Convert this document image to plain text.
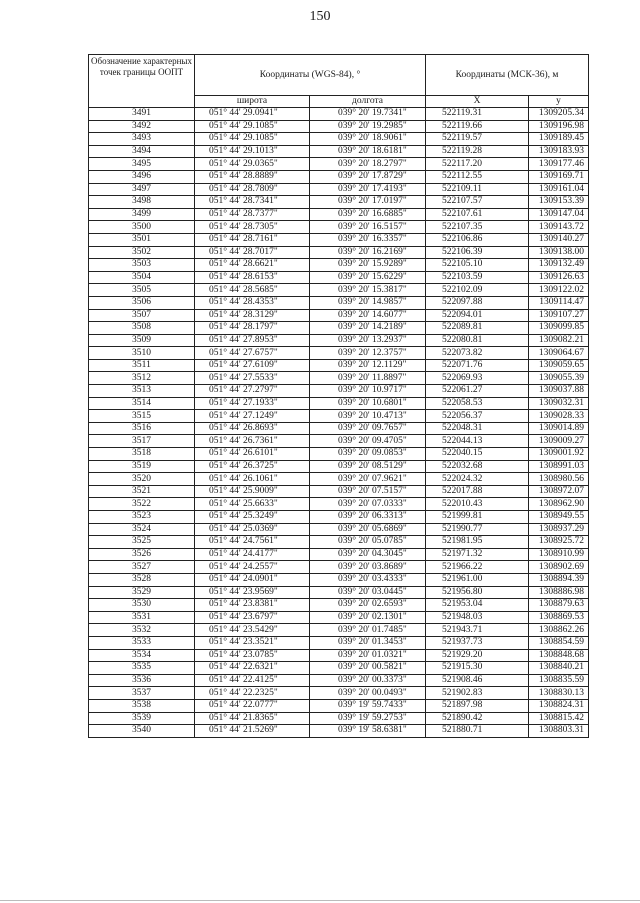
150
Обозначение характерных точек границы ООПТ	Координаты (WGS-84), °		Координаты (МСК-36), м	
	широта	долгота	X	у
3491	051° 44' 29.0941"	039° 20' 19.7341"	522119.31	1309205.34
3492	051° 44' 29.1085"	039° 20' 19.2985"	522119.66	1309196.98
3493	051° 44' 29.1085"	039° 20' 18.9061"	522119.57	1309189.45
3494	051° 44' 29.1013"	039° 20' 18.6181"	522119.28	1309183.93
3495	051° 44' 29.0365"	039° 20' 18.2797"	522117.20	1309177.46
3496	051° 44' 28.8889"	039° 20' 17.8729"	522112.55	1309169.71
3497	051° 44' 28.7809"	039° 20' 17.4193"	522109.11	1309161.04
3498	051° 44' 28.7341"	039° 20' 17.0197"	522107.57	1309153.39
3499	051° 44' 28.7377"	039° 20' 16.6885"	522107.61	1309147.04
3500	051° 44' 28.7305"	039° 20' 16.5157"	522107.35	1309143.72
3501	051° 44' 28.7161"	039° 20' 16.3357"	522106.86	1309140.27
3502	051° 44' 28.7017"	039° 20' 16.2169"	522106.39	1309138.00
3503	051° 44' 28.6621"	039° 20' 15.9289"	522105.10	1309132.49
3504	051° 44' 28.6153"	039° 20' 15.6229"	522103.59	1309126.63
3505	051° 44' 28.5685"	039° 20' 15.3817"	522102.09	1309122.02
3506	051° 44' 28.4353"	039° 20' 14.9857"	522097.88	1309114.47
3507	051° 44' 28.3129"	039° 20' 14.6077"	522094.01	1309107.27
3508	051° 44' 28.1797"	039° 20' 14.2189"	522089.81	1309099.85
3509	051° 44' 27.8953"	039° 20' 13.2937"	522080.81	1309082.21
3510	051° 44' 27.6757"	039° 20' 12.3757"	522073.82	1309064.67
3511	051° 44' 27.6109"	039° 20' 12.1129"	522071.76	1309059.65
3512	051° 44' 27.5533"	039° 20' 11.8897"	522069.93	1309055.39
3513	051° 44' 27.2797"	039° 20' 10.9717"	522061.27	1309037.88
3514	051° 44' 27.1933"	039° 20' 10.6801"	522058.53	1309032.31
3515	051° 44' 27.1249"	039° 20' 10.4713"	522056.37	1309028.33
3516	051° 44' 26.8693"	039° 20' 09.7657"	522048.31	1309014.89
3517	051° 44' 26.7361"	039° 20' 09.4705"	522044.13	1309009.27
3518	051° 44' 26.6101"	039° 20' 09.0853"	522040.15	1309001.92
3519	051° 44' 26.3725"	039° 20' 08.5129"	522032.68	1308991.03
3520	051° 44' 26.1061"	039° 20' 07.9621"	522024.32	1308980.56
3521	051° 44' 25.9009"	039° 20' 07.5157"	522017.88	1308972.07
3522	051° 44' 25.6633"	039° 20' 07.0333"	522010.43	1308962.90
3523	051° 44' 25.3249"	039° 20' 06.3313"	521999.81	1308949.55
3524	051° 44' 25.0369"	039° 20' 05.6869"	521990.77	1308937.29
3525	051° 44' 24.7561"	039° 20' 05.0785"	521981.95	1308925.72
3526	051° 44' 24.4177"	039° 20' 04.3045"	521971.32	1308910.99
3527	051° 44' 24.2557"	039° 20' 03.8689"	521966.22	1308902.69
3528	051° 44' 24.0901"	039° 20' 03.4333"	521961.00	1308894.39
3529	051° 44' 23.9569"	039° 20' 03.0445"	521956.80	1308886.98
3530	051° 44' 23.8381"	039° 20' 02.6593"	521953.04	1308879.63
3531	051° 44' 23.6797"	039° 20' 02.1301"	521948.03	1308869.53
3532	051° 44' 23.5429"	039° 20' 01.7485"	521943.71	1308862.26
3533	051° 44' 23.3521"	039° 20' 01.3453"	521937.73	1308854.59
3534	051° 44' 23.0785"	039° 20' 01.0321"	521929.20	1308848.68
3535	051° 44' 22.6321"	039° 20' 00.5821"	521915.30	1308840.21
3536	051° 44' 22.4125"	039° 20' 00.3373"	521908.46	1308835.59
3537	051° 44' 22.2325"	039° 20' 00.0493"	521902.83	1308830.13
3538	051° 44' 22.0777"	039° 19' 59.7433"	521897.98	1308824.31
3539	051° 44' 21.8365"	039° 19' 59.2753"	521890.42	1308815.42
3540	051° 44' 21.5269"	039° 19' 58.6381"	521880.71	1308803.31
